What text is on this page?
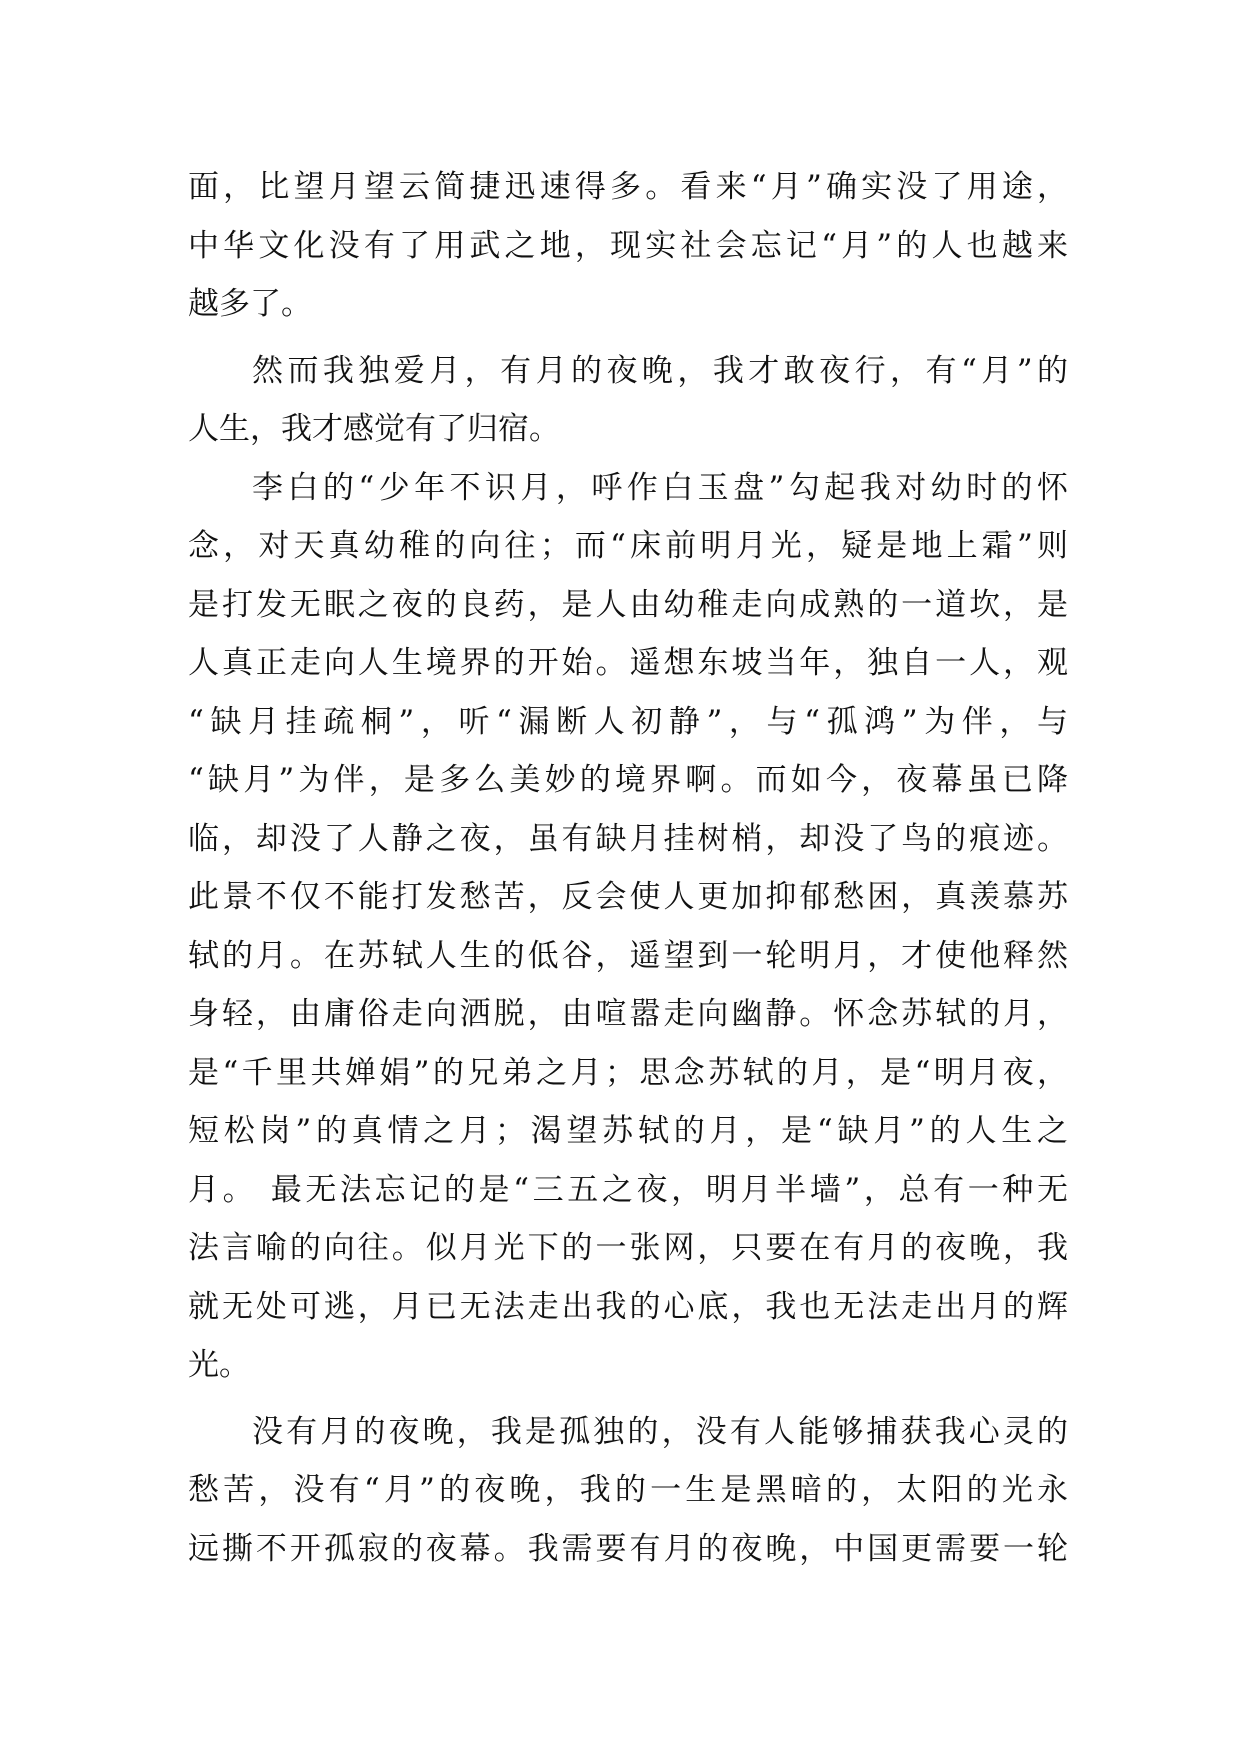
面，比望月望云简捷迅速得多。看来“月”确实没了用途，
中华文化没有了用武之地，现实社会忘记“月”的人也越来
越多了。
然而我独爱月，有月的夜晚，我才敢夜行，有“月”的
人生，我才感觉有了归宿。
李白的“少年不识月，呼作白玉盘”勾起我对幼时的怀
念，对天真幼稚的向往；而“床前明月光，疑是地上霜”则
是打发无眠之夜的良药，是人由幼稚走向成熟的一道坎，是
人真正走向人生境界的开始。遥想东坡当年，独自一人，观
“缺月挂疏桐”，听“漏断人初静”，与“孤鸿”为伴，与
“缺月”为伴，是多么美妙的境界啊。而如今，夜幕虽已降
临，却没了人静之夜，虽有缺月挂树梢，却没了鸟的痕迹。
此景不仅不能打发愁苦，反会使人更加抑郁愁困，真羡慕苏
轼的月。在苏轼人生的低谷，遥望到一轮明月，才使他释然
身轻，由庸俗走向洒脱，由喧嚣走向幽静。怀念苏轼的月，
是“千里共婵娟”的兄弟之月；思念苏轼的月，是“明月夜，
短松岗”的真情之月；渴望苏轼的月，是“缺月”的人生之
月。 最无法忘记的是“三五之夜，明月半墙”，总有一种无
法言喻的向往。似月光下的一张网，只要在有月的夜晚，我
就无处可逃，月已无法走出我的心底，我也无法走出月的辉
光。
没有月的夜晚，我是孤独的，没有人能够捕获我心灵的
愁苦，没有“月”的夜晚，我的一生是黑暗的，太阳的光永
远撕不开孤寂的夜幕。我需要有月的夜晚，中国更需要一轮
